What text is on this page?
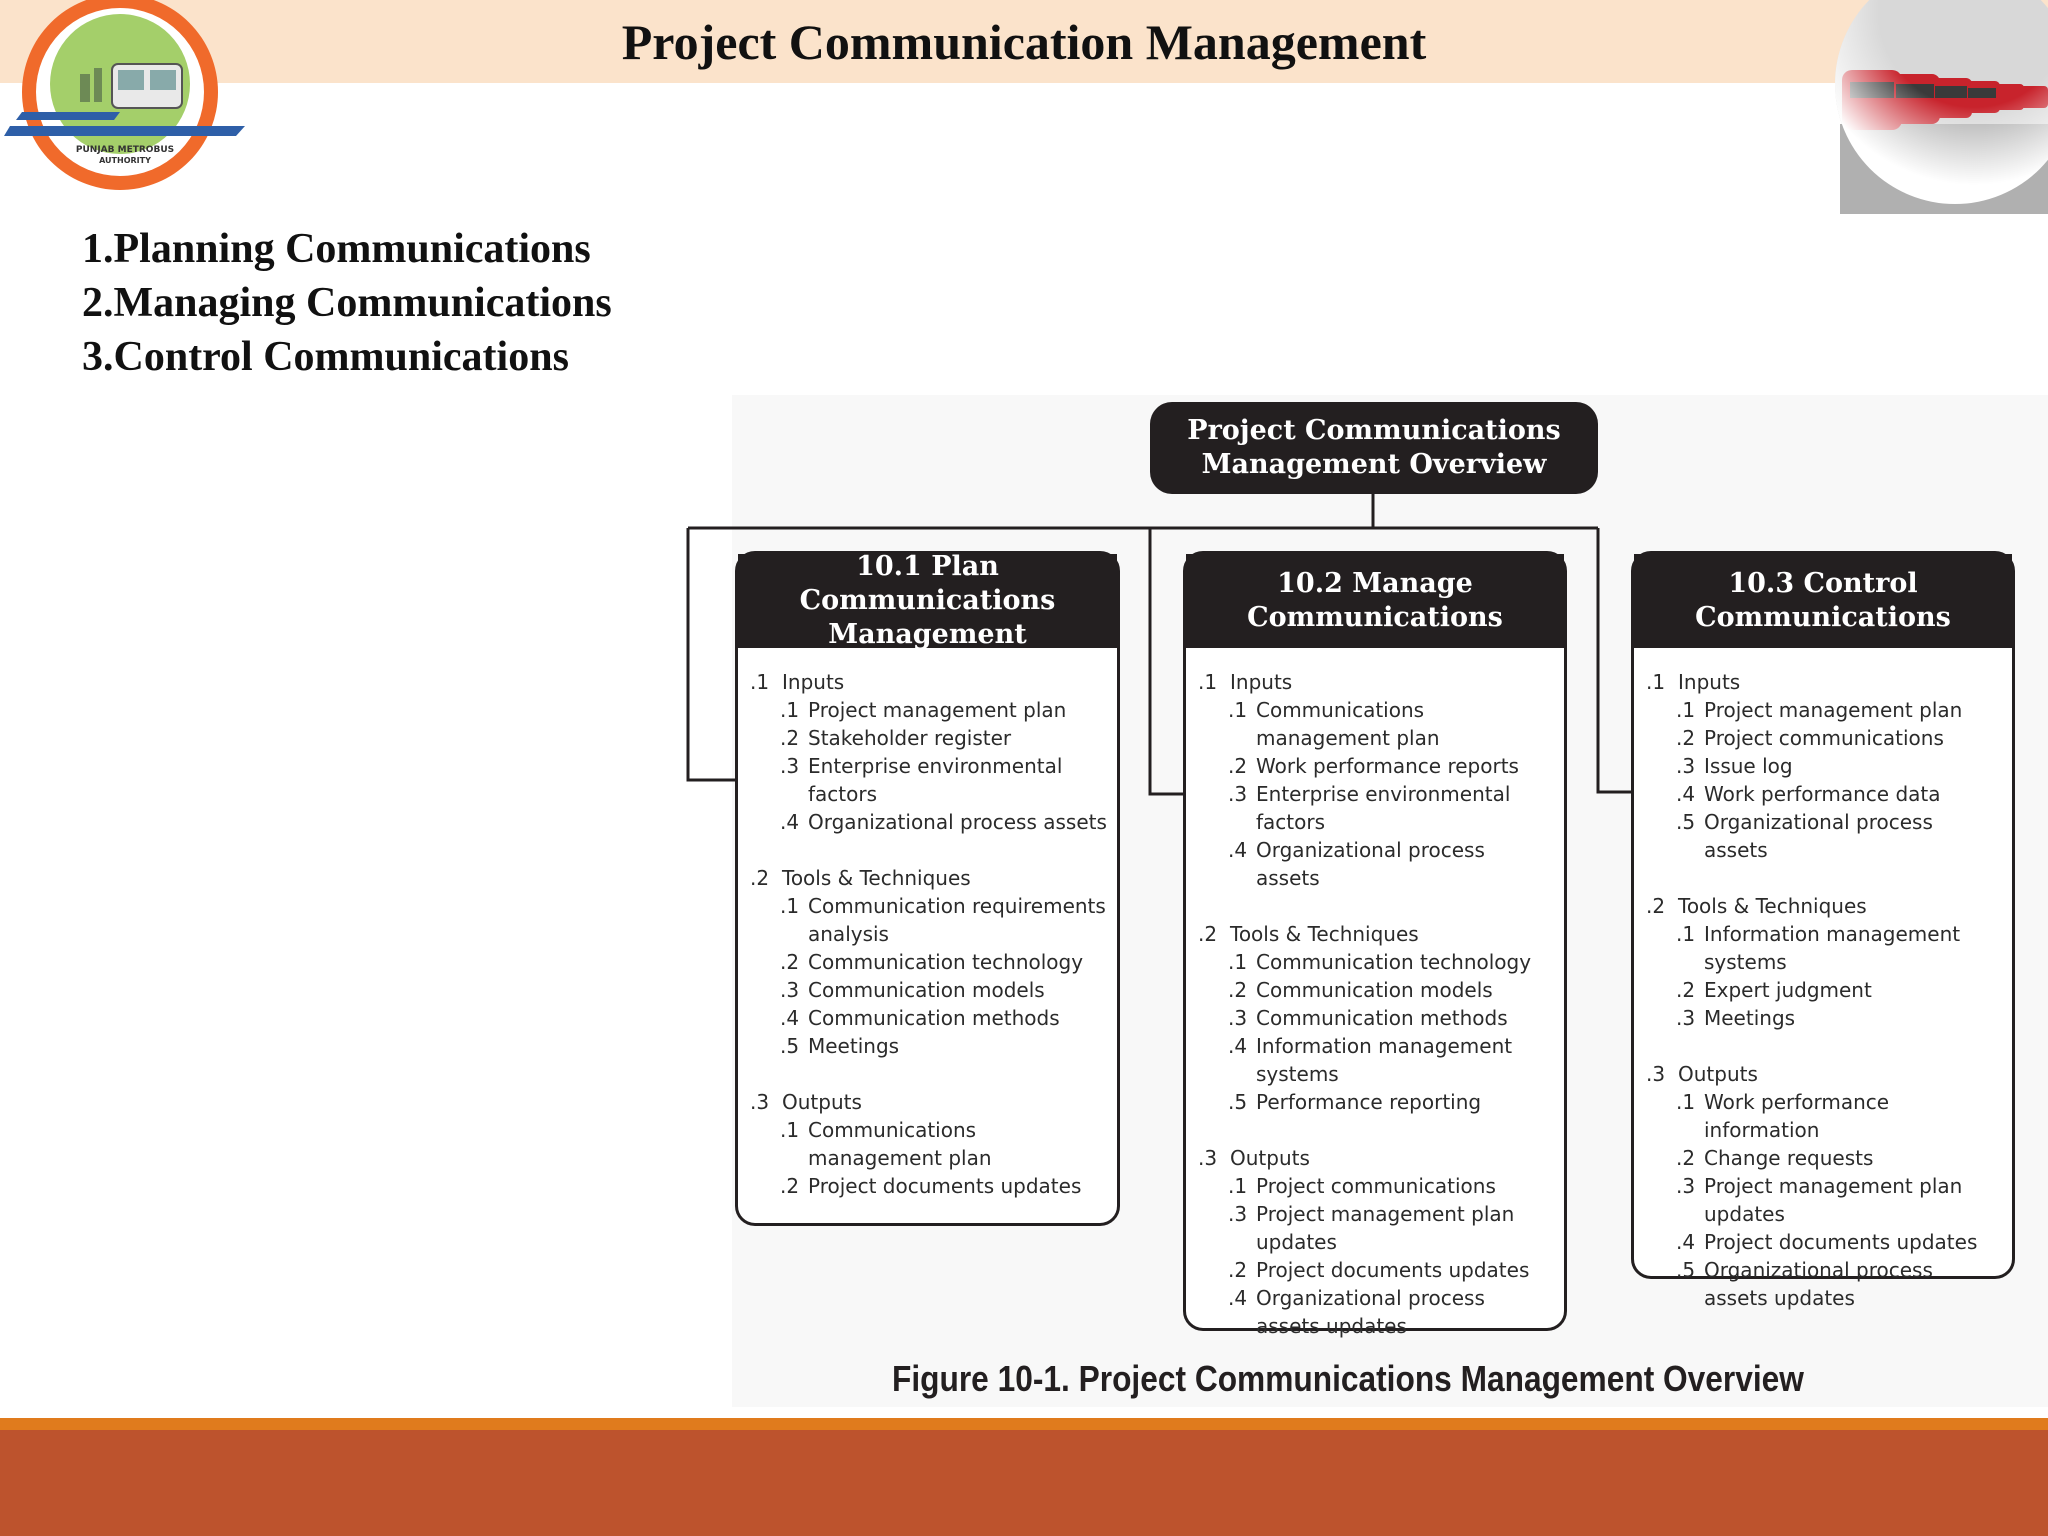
Project Communication Management
PUNJAB METROBUS
AUTHORITY
1.Planning Communications
2.Managing Communications
3.Control Communications
Project Communications
Management Overview
10.1 Plan Communications
Management
.1 Inputs
.1 Project management plan
.2 Stakeholder register
.3 Enterprise environmental factors
.4 Organizational process assets
.2 Tools & Techniques
.1 Communication requirements analysis
.2 Communication technology
.3 Communication models
.4 Communication methods
.5 Meetings
.3 Outputs
.1 Communications management plan
.2 Project documents updates
10.2 Manage
Communications
.1 Inputs
.1 Communications management plan
.2 Work performance reports
.3 Enterprise environmental factors
.4 Organizational process assets
.2 Tools & Techniques
.1 Communication technology
.2 Communication models
.3 Communication methods
.4 Information management systems
.5 Performance reporting
.3 Outputs
.1 Project communications
.3 Project management plan updates
.2 Project documents updates
.4 Organizational process assets updates
10.3 Control
Communications
.1 Inputs
.1 Project management plan
.2 Project communications
.3 Issue log
.4 Work performance data
.5 Organizational process assets
.2 Tools & Techniques
.1 Information management systems
.2 Expert judgment
.3 Meetings
.3 Outputs
.1 Work performance information
.2 Change requests
.3 Project management plan updates
.4 Project documents updates
.5 Organizational process assets updates
Figure 10-1. Project Communications Management Overview
